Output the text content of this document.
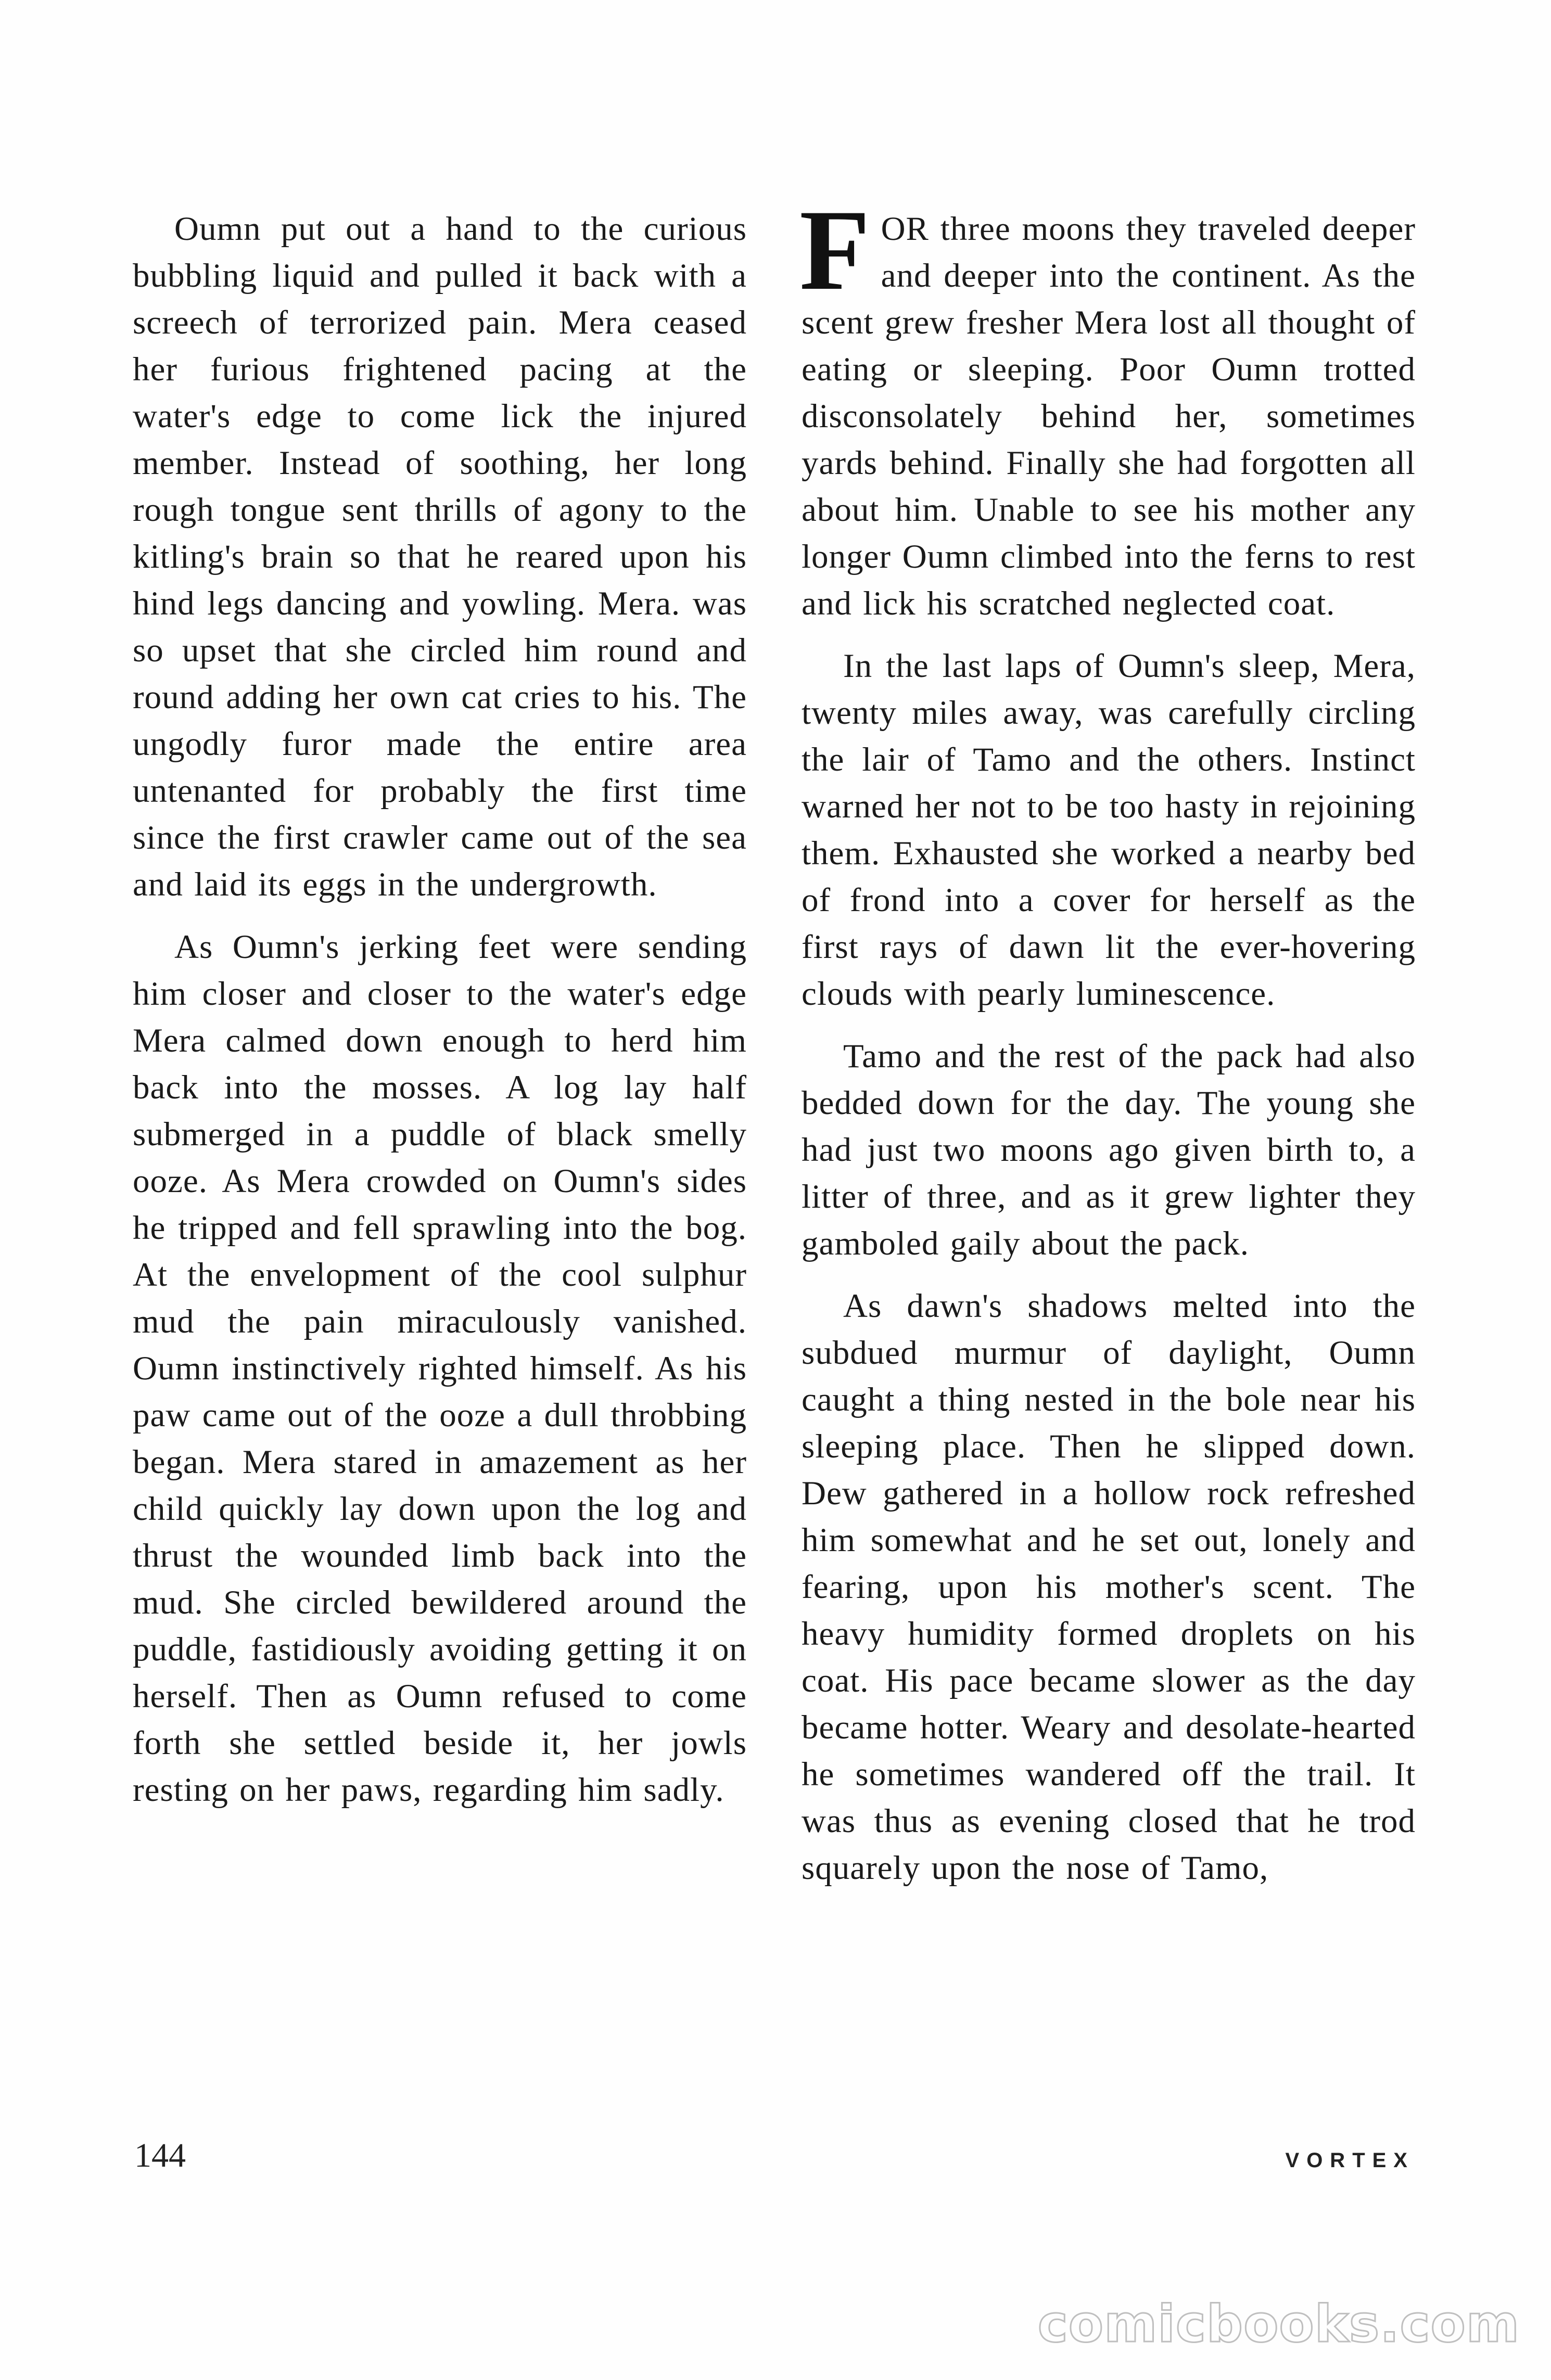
Oumn put out a hand to the curious bubbling liquid and pulled it back with a screech of terrorized pain. Mera ceased her furious frightened pacing at the water's edge to come lick the injured member. Instead of soothing, her long rough tongue sent thrills of agony to the kitling's brain so that he reared upon his hind legs dancing and yowling. Mera. was so upset that she circled him round and round adding her own cat cries to his. The ungodly furor made the entire area untenanted for probably the first time since the first crawler came out of the sea and laid its eggs in the undergrowth.

As Oumn's jerking feet were sending him closer and closer to the water's edge Mera calmed down enough to herd him back into the mosses. A log lay half submerged in a puddle of black smelly ooze. As Mera crowded on Oumn's sides he tripped and fell sprawling into the bog. At the envelopment of the cool sulphur mud the pain miraculously vanished. Oumn instinctively righted himself. As his paw came out of the ooze a dull throbbing began. Mera stared in amazement as her child quickly lay down upon the log and thrust the wounded limb back into the mud. She circled bewildered around the puddle, fastidiously avoiding getting it on herself. Then as Oumn refused to come forth she settled beside it, her jowls resting on her paws, regarding him sadly.

FOR three moons they traveled deeper and deeper into the continent. As the scent grew fresher Mera lost all thought of eating or sleeping. Poor Oumn trotted disconsolately behind her, sometimes yards behind. Finally she had forgotten all about him. Unable to see his mother any longer Oumn climbed into the ferns to rest and lick his scratched neglected coat.

In the last laps of Oumn's sleep, Mera, twenty miles away, was carefully circling the lair of Tamo and the others. Instinct warned her not to be too hasty in rejoining them. Exhausted she worked a nearby bed of frond into a cover for herself as the first rays of dawn lit the ever-hovering clouds with pearly luminescence.

Tamo and the rest of the pack had also bedded down for the day. The young she had just two moons ago given birth to, a litter of three, and as it grew lighter they gamboled gaily about the pack.

As dawn's shadows melted into the subdued murmur of daylight, Oumn caught a thing nested in the bole near his sleeping place. Then he slipped down. Dew gathered in a hollow rock refreshed him somewhat and he set out, lonely and fearing, upon his mother's scent. The heavy humidity formed droplets on his coat. His pace became slower as the day became hotter. Weary and desolate-hearted he sometimes wandered off the trail. It was thus as evening closed that he trod squarely upon the nose of Tamo,

144	VORTEX
comicbooks.com
